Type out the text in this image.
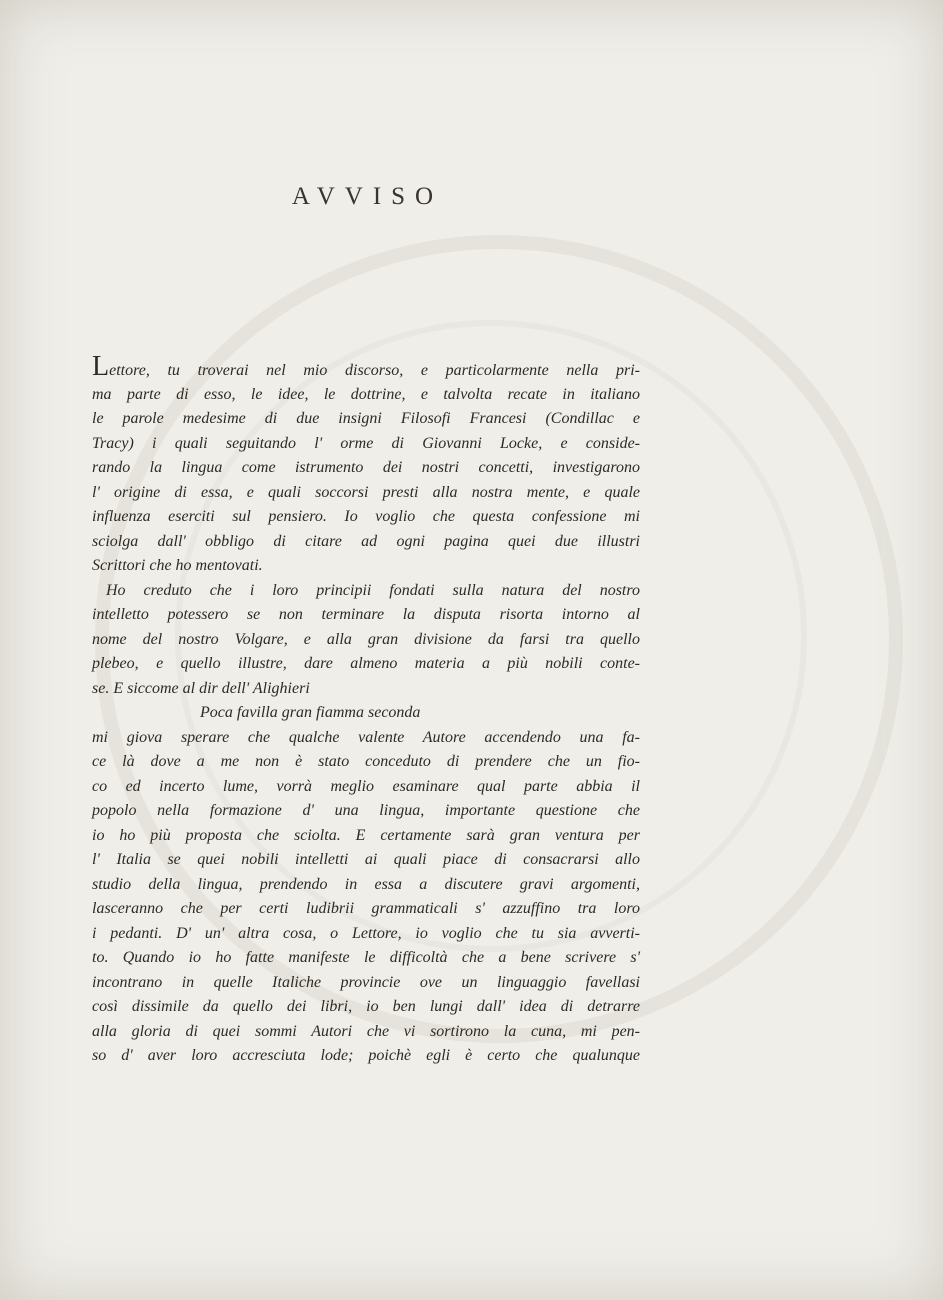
AVVISO
Lettore, tu troverai nel mio discorso, e particolarmente nella pri-
ma parte di esso, le idee, le dottrine, e talvolta recate in italiano
le parole medesime di due insigni Filosofi Francesi (Condillac e
Tracy) i quali seguitando l' orme di Giovanni Locke, e conside-
rando la lingua come istrumento dei nostri concetti, investigarono
l' origine di essa, e quali soccorsi presti alla nostra mente, e quale
influenza eserciti sul pensiero. Io voglio che questa confessione mi
sciolga dall' obbligo di citare ad ogni pagina quei due illustri
Scrittori che ho mentovati.
Ho creduto che i loro principii fondati sulla natura del nostro
intelletto potessero se non terminare la disputa risorta intorno al
nome del nostro Volgare, e alla gran divisione da farsi tra quello
plebeo, e quello illustre, dare almeno materia a più nobili conte-
se. E siccome al dir dell' Alighieri
Poca favilla gran fiamma seconda
mi giova sperare che qualche valente Autore accendendo una fa-
ce là dove a me non è stato conceduto di prendere che un fio-
co ed incerto lume, vorrà meglio esaminare qual parte abbia il
popolo nella formazione d' una lingua, importante questione che
io ho più proposta che sciolta. E certamente sarà gran ventura per
l' Italia se quei nobili intelletti ai quali piace di consacrarsi allo
studio della lingua, prendendo in essa a discutere gravi argomenti,
lasceranno che per certi ludibrii grammaticali s' azzuffino tra loro
i pedanti. D' un' altra cosa, o Lettore, io voglio che tu sia avverti-
to. Quando io ho fatte manifeste le difficoltà che a bene scrivere s'
incontrano in quelle Italiche provincie ove un linguaggio favellasi
così dissimile da quello dei libri, io ben lungi dall' idea di detrarre
alla gloria di quei sommi Autori che vi sortirono la cuna, mi pen-
so d' aver loro accresciuta lode; poichè egli è certo che qualunque
